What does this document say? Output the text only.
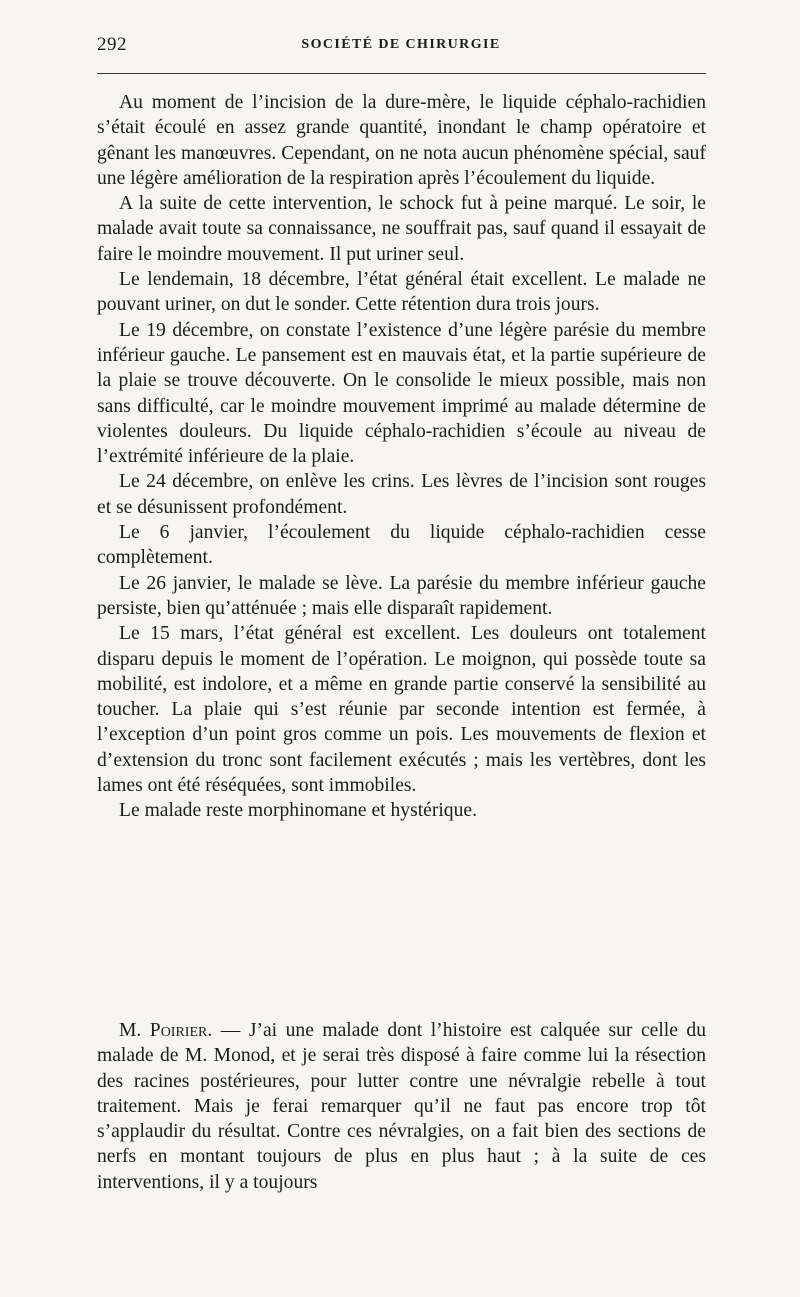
292	SOCIÉTÉ DE CHIRURGIE

Au moment de l’incision de la dure-mère, le liquide céphalo-rachidien s’était écoulé en assez grande quantité, inondant le champ opératoire et gênant les manœuvres. Cependant, on ne nota aucun phénomène spécial, sauf une légère amélioration de la respiration après l’écoulement du liquide.

A la suite de cette intervention, le schock fut à peine marqué. Le soir, le malade avait toute sa connaissance, ne souffrait pas, sauf quand il essayait de faire le moindre mouvement. Il put uriner seul.

Le lendemain, 18 décembre, l’état général était excellent. Le malade ne pouvant uriner, on dut le sonder. Cette rétention dura trois jours.

Le 19 décembre, on constate l’existence d’une légère parésie du membre inférieur gauche. Le pansement est en mauvais état, et la partie supérieure de la plaie se trouve découverte. On le consolide le mieux possible, mais non sans difficulté, car le moindre mouvement imprimé au malade détermine de violentes douleurs. Du liquide céphalo-rachidien s’écoule au niveau de l’extrémité inférieure de la plaie.

Le 24 décembre, on enlève les crins. Les lèvres de l’incision sont rouges et se désunissent profondément.

Le 6 janvier, l’écoulement du liquide céphalo-rachidien cesse complètement.

Le 26 janvier, le malade se lève. La parésie du membre inférieur gauche persiste, bien qu’atténuée ; mais elle disparaît rapidement.

Le 15 mars, l’état général est excellent. Les douleurs ont totalement disparu depuis le moment de l’opération. Le moignon, qui possède toute sa mobilité, est indolore, et a même en grande partie conservé la sensibilité au toucher. La plaie qui s’est réunie par seconde intention est fermée, à l’exception d’un point gros comme un pois. Les mouvements de flexion et d’extension du tronc sont facilement exécutés ; mais les vertèbres, dont les lames ont été réséquées, sont immobiles.

Le malade reste morphinomane et hystérique.

M. Poirier. — J’ai une malade dont l’histoire est calquée sur celle du malade de M. Monod, et je serai très disposé à faire comme lui la résection des racines postérieures, pour lutter contre une névralgie rebelle à tout traitement. Mais je ferai remarquer qu’il ne faut pas encore trop tôt s’applaudir du résultat. Contre ces névralgies, on a fait bien des sections de nerfs en montant toujours de plus en plus haut ; à la suite de ces interventions, il y a toujours
